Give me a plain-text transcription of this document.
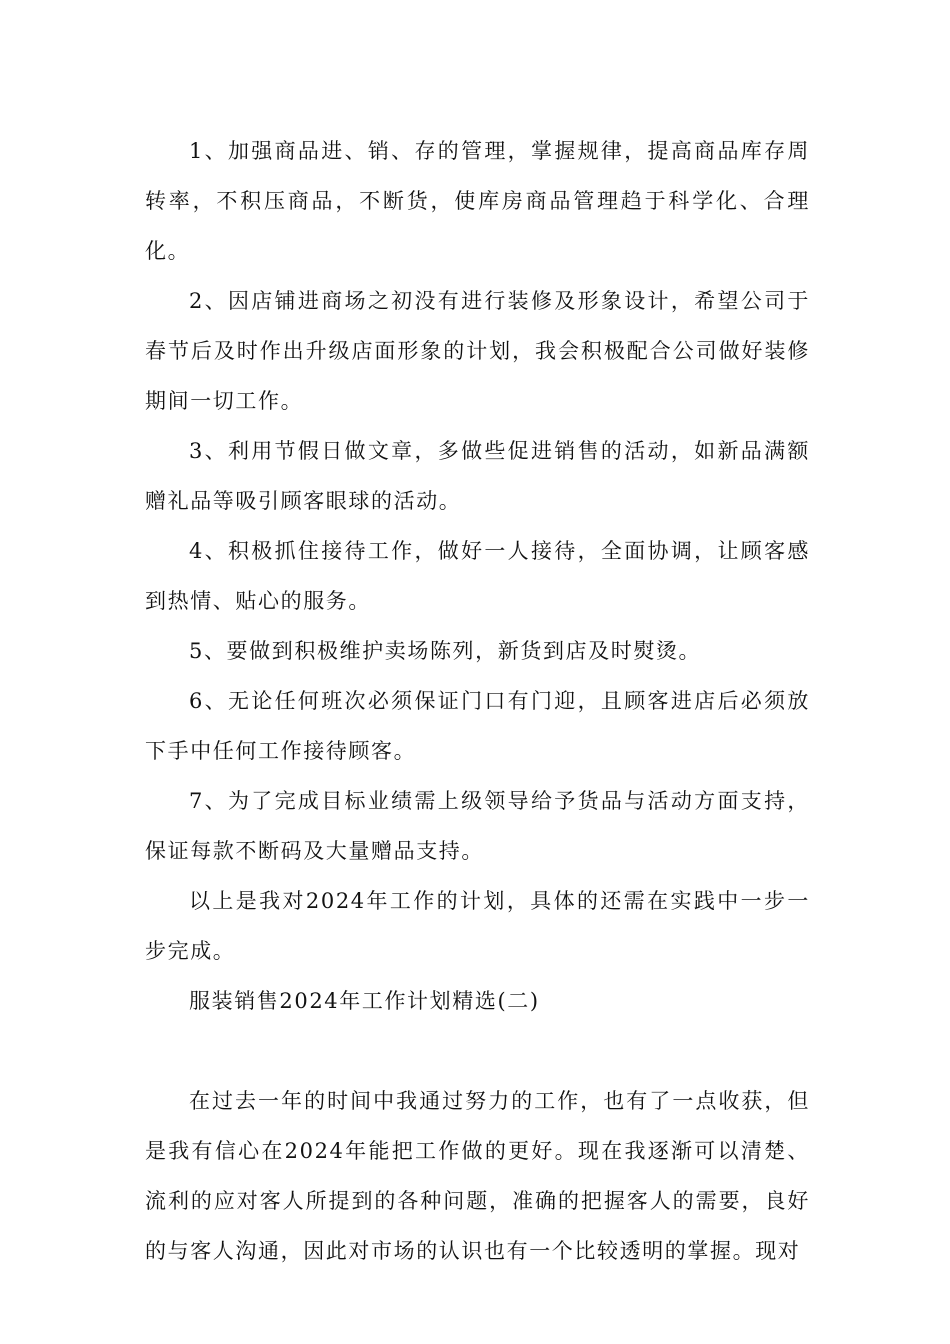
1、加强商品进、销、存的管理，掌握规律，提高商品库存周转率，不积压商品，不断货，使库房商品管理趋于科学化、合理化。

2、因店铺进商场之初没有进行装修及形象设计，希望公司于春节后及时作出升级店面形象的计划，我会积极配合公司做好装修期间一切工作。

3、利用节假日做文章，多做些促进销售的活动，如新品满额赠礼品等吸引顾客眼球的活动。

4、积极抓住接待工作，做好一人接待，全面协调，让顾客感到热情、贴心的服务。

5、要做到积极维护卖场陈列，新货到店及时熨烫。

6、无论任何班次必须保证门口有门迎，且顾客进店后必须放下手中任何工作接待顾客。

7、为了完成目标业绩需上级领导给予货品与活动方面支持，保证每款不断码及大量赠品支持。

以上是我对2024年工作的计划，具体的还需在实践中一步一步完成。

服装销售2024年工作计划精选(二)

在过去一年的时间中我通过努力的工作，也有了一点收获，但是我有信心在2024年能把工作做的更好。现在我逐渐可以清楚、流利的应对客人所提到的各种问题，准确的把握客人的需要，良好的与客人沟通，因此对市场的认识也有一个比较透明的掌握。现对
